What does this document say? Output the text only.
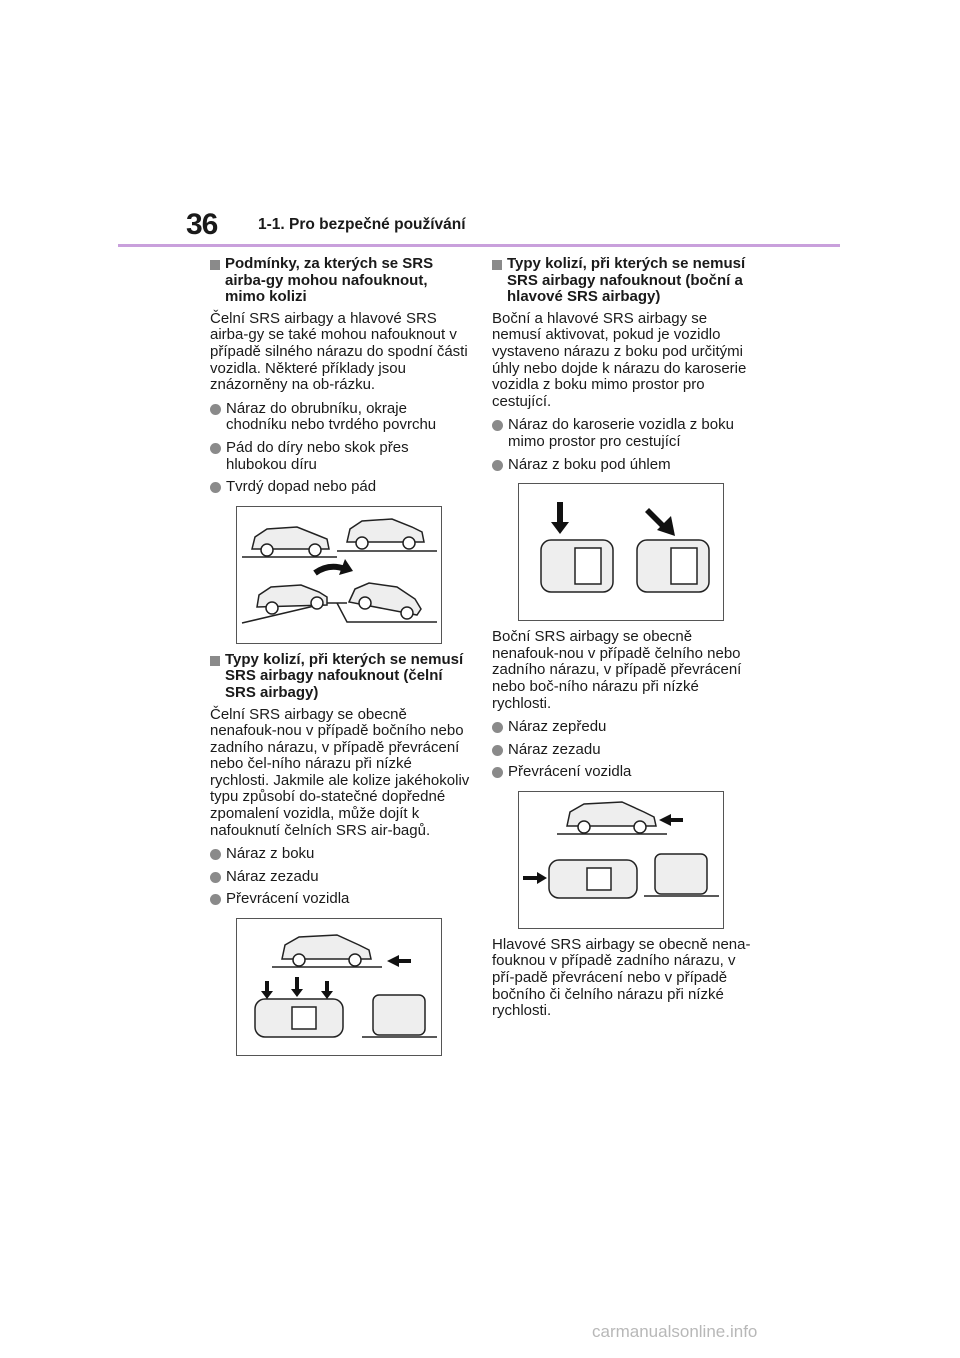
36	1-1. Pro bezpečné používání
Podmínky, za kterých se SRS airba-gy mohou nafouknout, mimo kolizi

Čelní SRS airbagy a hlavové SRS airba-gy se také mohou nafouknout v případě silného nárazu do spodní části vozidla. Některé příklady jsou znázorněny na ob-rázku.

Náraz do obrubníku, okraje chodníku nebo tvrdého povrchu
Pád do díry nebo skok přes hlubokou díru
Tvrdý dopad nebo pád
Typy kolizí, při kterých se nemusí SRS airbagy nafouknout (čelní SRS airbagy)

Čelní SRS airbagy se obecně nenafouk-nou v případě bočního nebo zadního nárazu, v případě převrácení nebo čel-ního nárazu při nízké rychlosti. Jakmile ale kolize jakéhokoliv typu způsobí do-statečné dopředné zpomalení vozidla, může dojít k nafouknutí čelních SRS air-bagů.

Náraz z boku
Náraz zezadu
Převrácení vozidla
Typy kolizí, při kterých se nemusí SRS airbagy nafouknout (boční a hlavové SRS airbagy)

Boční a hlavové SRS airbagy se nemusí aktivovat, pokud je vozidlo vystaveno nárazu z boku pod určitými úhly nebo dojde k nárazu do karoserie vozidla z boku mimo prostor pro cestující.

Náraz do karoserie vozidla z boku mimo prostor pro cestující
Náraz z boku pod úhlem

Boční SRS airbagy se obecně nenafouk-nou v případě čelního nebo zadního nárazu, v případě převrácení nebo boč-ního nárazu při nízké rychlosti.

Náraz zepředu
Náraz zezadu
Převrácení vozidla

Hlavové SRS airbagy se obecně nena-fouknou v případě zadního nárazu, v pří-padě převrácení nebo v případě bočního či čelního nárazu při nízké rychlosti.

carmanualsonline.info
